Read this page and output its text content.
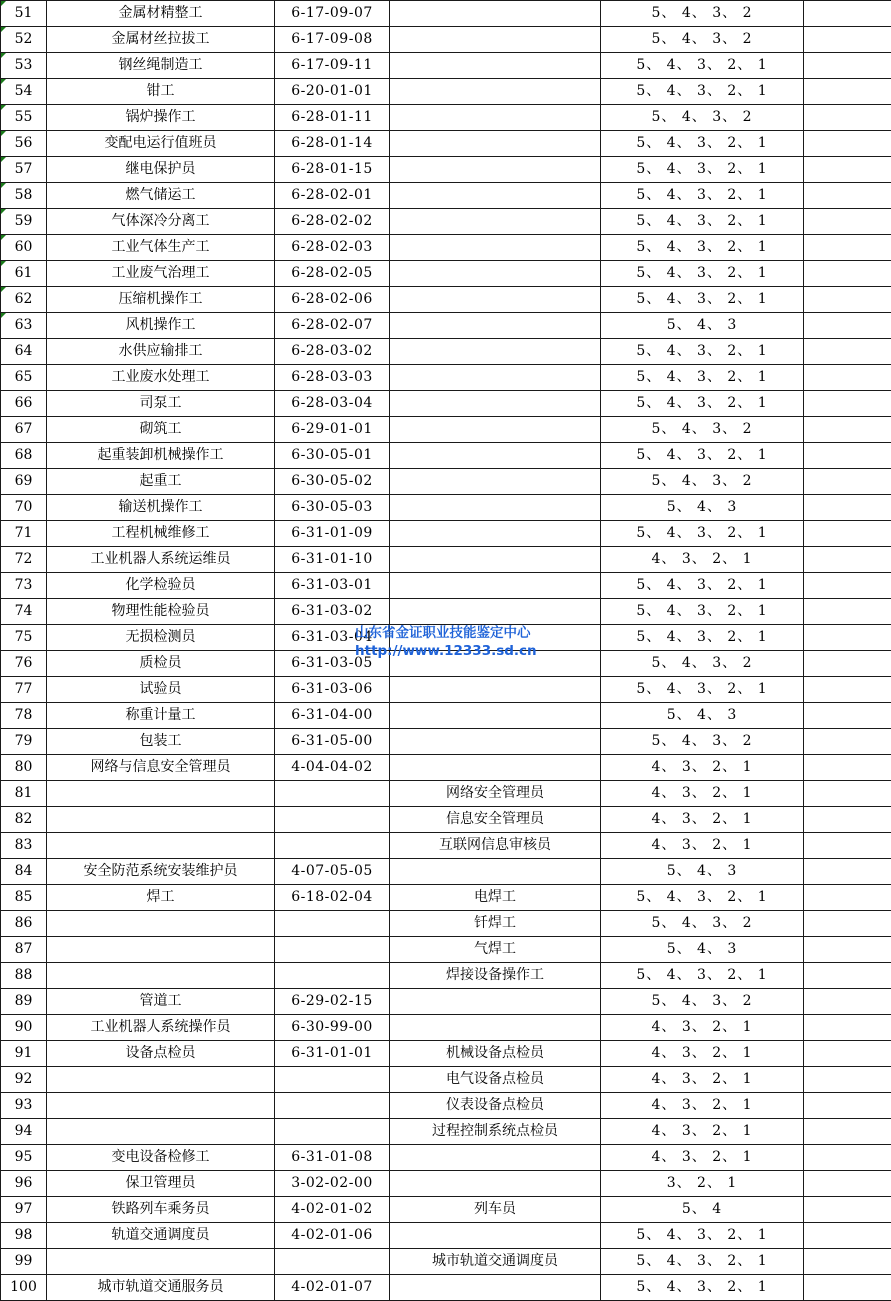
51	金属材精整工	6-17-09-07		5、 4、 3、 2	
52	金属材丝拉拔工	6-17-09-08		5、 4、 3、 2	
53	钢丝绳制造工	6-17-09-11		5、 4、 3、 2、 1	
54	钳工	6-20-01-01		5、 4、 3、 2、 1	
55	锅炉操作工	6-28-01-11		5、 4、 3、 2	
56	变配电运行值班员	6-28-01-14		5、 4、 3、 2、 1	
57	继电保护员	6-28-01-15		5、 4、 3、 2、 1	
58	燃气储运工	6-28-02-01		5、 4、 3、 2、 1	
59	气体深冷分离工	6-28-02-02		5、 4、 3、 2、 1	
60	工业气体生产工	6-28-02-03		5、 4、 3、 2、 1	
61	工业废气治理工	6-28-02-05		5、 4、 3、 2、 1	
62	压缩机操作工	6-28-02-06		5、 4、 3、 2、 1	
63	风机操作工	6-28-02-07		5、 4、 3	
64	水供应输排工	6-28-03-02		5、 4、 3、 2、 1	
65	工业废水处理工	6-28-03-03		5、 4、 3、 2、 1	
66	司泵工	6-28-03-04		5、 4、 3、 2、 1	
67	砌筑工	6-29-01-01		5、 4、 3、 2	
68	起重装卸机械操作工	6-30-05-01		5、 4、 3、 2、 1	
69	起重工	6-30-05-02		5、 4、 3、 2	
70	输送机操作工	6-30-05-03		5、 4、 3	
71	工程机械维修工	6-31-01-09		5、 4、 3、 2、 1	
72	工业机器人系统运维员	6-31-01-10		4、 3、 2、 1	
73	化学检验员	6-31-03-01		5、 4、 3、 2、 1	
74	物理性能检验员	6-31-03-02		5、 4、 3、 2、 1	
75	无损检测员	6-31-03-04		5、 4、 3、 2、 1	
76	质检员	6-31-03-05		5、 4、 3、 2	
77	试验员	6-31-03-06		5、 4、 3、 2、 1	
78	称重计量工	6-31-04-00		5、 4、 3	
79	包装工	6-31-05-00		5、 4、 3、 2	
80	网络与信息安全管理员	4-04-04-02		4、 3、 2、 1	
81			网络安全管理员	4、 3、 2、 1	
82			信息安全管理员	4、 3、 2、 1	
83			互联网信息审核员	4、 3、 2、 1	
84	安全防范系统安装维护员	4-07-05-05		5、 4、 3	
85	焊工	6-18-02-04	电焊工	5、 4、 3、 2、 1	
86			钎焊工	5、 4、 3、 2	
87			气焊工	5、 4、 3	
88			焊接设备操作工	5、 4、 3、 2、 1	
89	管道工	6-29-02-15		5、 4、 3、 2	
90	工业机器人系统操作员	6-30-99-00		4、 3、 2、 1	
91	设备点检员	6-31-01-01	机械设备点检员	4、 3、 2、 1	
92			电气设备点检员	4、 3、 2、 1	
93			仪表设备点检员	4、 3、 2、 1	
94			过程控制系统点检员	4、 3、 2、 1	
95	变电设备检修工	6-31-01-08		4、 3、 2、 1	
96	保卫管理员	3-02-02-00		3、 2、 1	
97	铁路列车乘务员	4-02-01-02	列车员	5、 4	
98	轨道交通调度员	4-02-01-06		5、 4、 3、 2、 1	
99			城市轨道交通调度员	5、 4、 3、 2、 1	
100	城市轨道交通服务员	4-02-01-07		5、 4、 3、 2、 1	
山东省金证职业技能鉴定中心
http://www.12333.sd.cn
